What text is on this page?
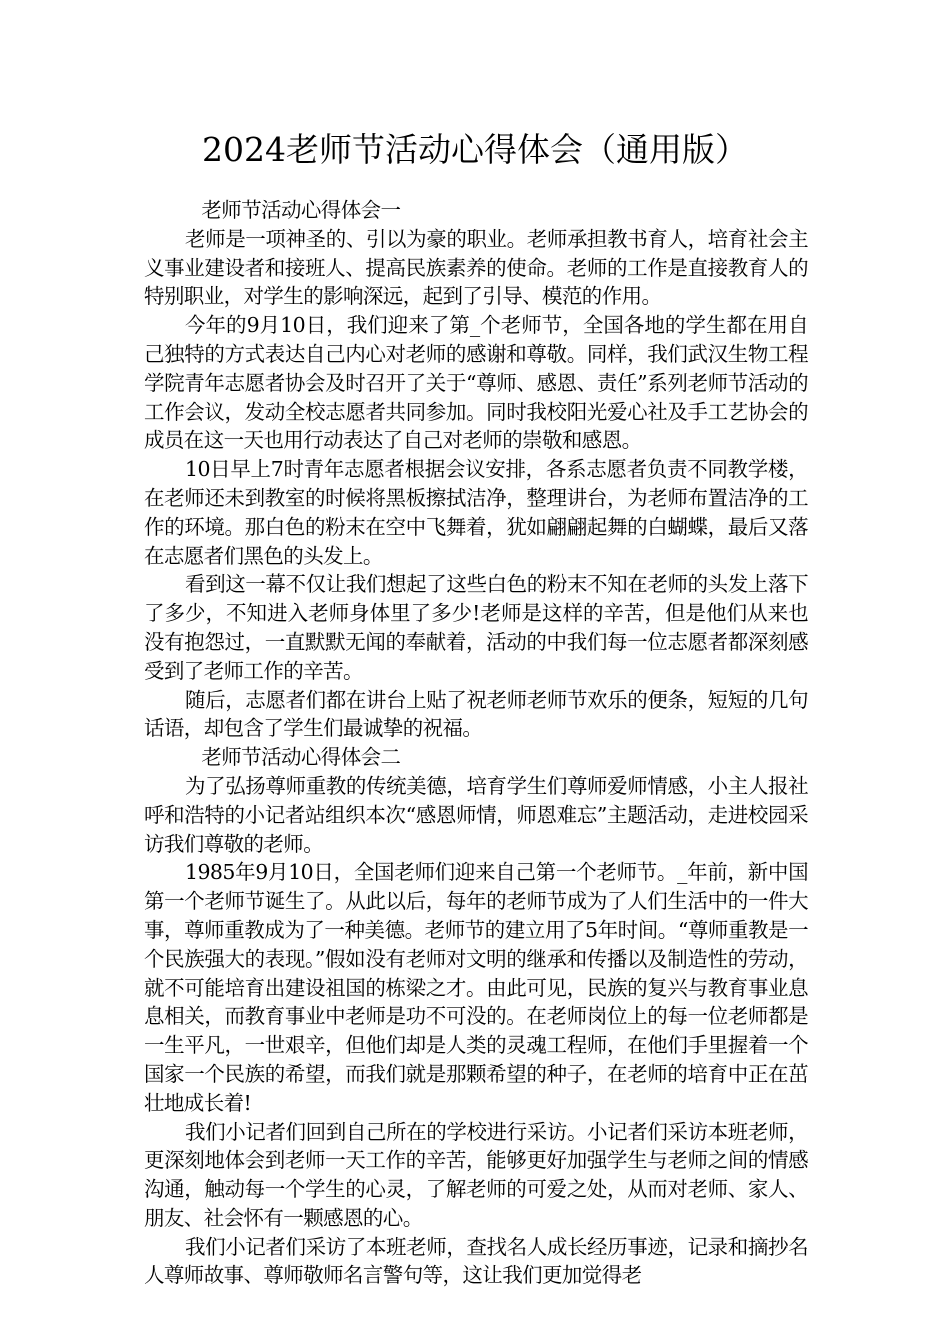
2024老师节活动心得体会（通用版）

老师节活动心得体会一

老师是一项神圣的、引以为豪的职业。老师承担教书育人，培育社会主义事业建设者和接班人、提高民族素养的使命。老师的工作是直接教育人的特别职业，对学生的影响深远，起到了引导、模范的作用。

今年的9月10日，我们迎来了第_个老师节，全国各地的学生都在用自己独特的方式表达自己内心对老师的感谢和尊敬。同样，我们武汉生物工程学院青年志愿者协会及时召开了关于“尊师、感恩、责任”系列老师节活动的工作会议，发动全校志愿者共同参加。同时我校阳光爱心社及手工艺协会的成员在这一天也用行动表达了自己对老师的崇敬和感恩。

10日早上7时青年志愿者根据会议安排，各系志愿者负责不同教学楼，在老师还未到教室的时候将黑板擦拭洁净，整理讲台，为老师布置洁净的工作的环境。那白色的粉末在空中飞舞着，犹如翩翩起舞的白蝴蝶，最后又落在志愿者们黑色的头发上。

看到这一幕不仅让我们想起了这些白色的粉末不知在老师的头发上落下了多少，不知进入老师身体里了多少!老师是这样的辛苦，但是他们从来也没有抱怨过，一直默默无闻的奉献着，活动的中我们每一位志愿者都深刻感受到了老师工作的辛苦。

随后，志愿者们都在讲台上贴了祝老师老师节欢乐的便条，短短的几句话语，却包含了学生们最诚挚的祝福。

老师节活动心得体会二

为了弘扬尊师重教的传统美德，培育学生们尊师爱师情感，小主人报社呼和浩特的小记者站组织本次“感恩师情，师恩难忘”主题活动，走进校园采访我们尊敬的老师。

1985年9月10日，全国老师们迎来自己第一个老师节。_年前，新中国第一个老师节诞生了。从此以后，每年的老师节成为了人们生活中的一件大事，尊师重教成为了一种美德。老师节的建立用了5年时间。“尊师重教是一个民族强大的表现。”假如没有老师对文明的继承和传播以及制造性的劳动，就不可能培育出建设祖国的栋梁之才。由此可见，民族的复兴与教育事业息息相关，而教育事业中老师是功不可没的。在老师岗位上的每一位老师都是一生平凡，一世艰辛，但他们却是人类的灵魂工程师，在他们手里握着一个国家一个民族的希望，而我们就是那颗希望的种子，在老师的培育中正在茁壮地成长着!

我们小记者们回到自己所在的学校进行采访。小记者们采访本班老师，更深刻地体会到老师一天工作的辛苦，能够更好加强学生与老师之间的情感沟通，触动每一个学生的心灵，了解老师的可爱之处，从而对老师、家人、朋友、社会怀有一颗感恩的心。

我们小记者们采访了本班老师，查找名人成长经历事迹，记录和摘抄名人尊师故事、尊师敬师名言警句等，这让我们更加觉得老
